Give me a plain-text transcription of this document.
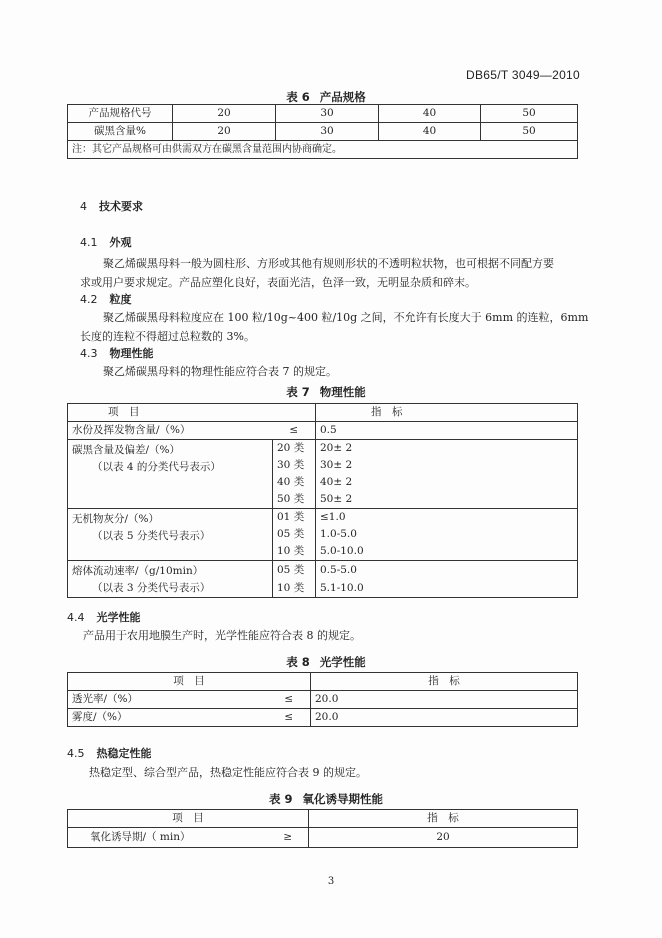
DB65/T 3049—2010
表 6 产品规格
产品规格代号	20	30	40	50
碳黑含量%	20	30	40	50
注：其它产品规格可由供需双方在碳黑含量范围内协商确定。				
4 技术要求
4.1 外观
聚乙烯碳黑母料一般为圆柱形、方形或其他有规则形状的不透明粒状物，也可根据不同配方要
求或用户要求规定。产品应塑化良好，表面光洁，色泽一致，无明显杂质和碎末。
4.2 粒度
聚乙烯碳黑母料粒度应在 100 粒/10g~400 粒/10g 之间，不允许有长度大于 6mm 的连粒，6mm
长度的连粒不得超过总粒数的 3%。
4.3 物理性能
聚乙烯碳黑母料的物理性能应符合表 7 的规定。
表 7 物理性能
项　目		指　标
水份及挥发物含量/（%）	≤	0.5

碳黑含量及偏差/（%）
（以表 4 的分类代号表示）	20 类	20± 2
	30 类	30± 2
	40 类	40± 2
	50 类	50± 2

无机物灰分/（%）
（以表 5 分类代号表示）	01 类	≤1.0
	05 类	1.0-5.0
	10 类	5.0-10.0

熔体流动速率/（g/10min）
（以表 3 分类代号表示）	05 类	0.5-5.0
	10 类	5.1-10.0
4.4 光学性能
产品用于农用地膜生产时，光学性能应符合表 8 的规定。
表 8 光学性能
项　目		指　标
透光率/（%）	≤	20.0
雾度/（%）	≤	20.0
4.5 热稳定性能
热稳定型、综合型产品，热稳定性能应符合表 9 的规定。
表 9 氧化诱导期性能
项　目		指　标
氧化诱导期/（ min）	≥	20
3
